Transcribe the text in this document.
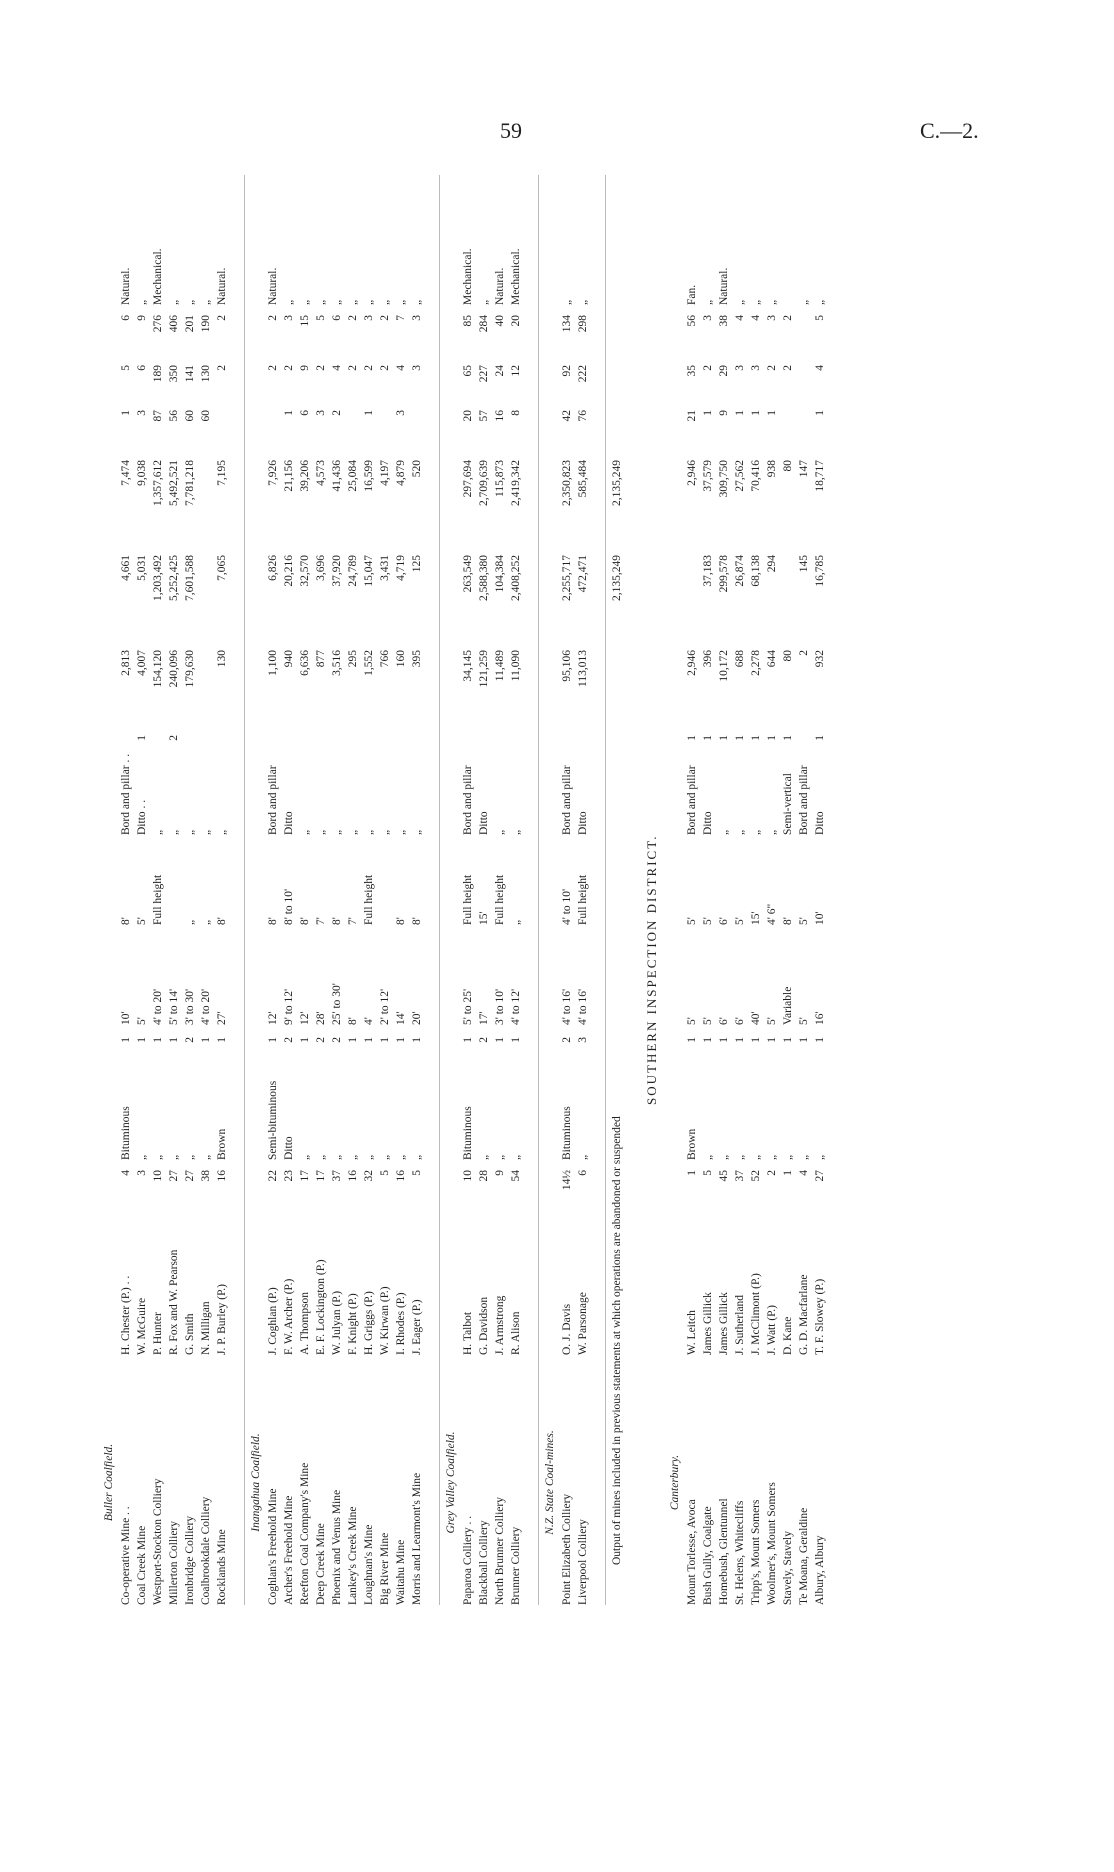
59	C.—2.
Buller Coalfield.
Co-operative Mine . .
H. Chester (P.) . .
4
Bituminous
1
10'
8'
Bord and pillar . .
2,813
4,661
7,474
1
5
6
Natural.
Coal Creek Mine
W. McGuire
3
„
1
5'
5'
Ditto . .
1
4,007
5,031
9,038
3
6
9
„
Westport-Stockton Colliery
P. Hunter
10
„
1
4' to 20'
Full height
„
154,120
1,203,492
1,357,612
87
189
276
Mechanical.
Millerton Colliery
R. Fox and W. Pearson
27
„
1
5' to 14'
„
2
240,096
5,252,425
5,492,521
56
350
406
„
Ironbridge Colliery
G. Smith
27
„
2
3' to 30'
„
„
179,630
7,601,588
7,781,218
60
141
201
„
Coalbrookdale Colliery
N. Milligan
38
„
1
4' to 20'
„
„
60
130
190
„
Rocklands Mine
J. P. Burley (P.)
16
Brown
1
27'
8'
„
130
7,065
7,195
2
2
Natural.
Inangahua Coalfield.
Coghlan's Freehold Mine
J. Coghlan (P.)
22
Semi-bituminous
1
12'
8'
Bord and pillar
1,100
6,826
7,926
2
2
Natural.
Archer's Freehold Mine
F. W. Archer (P.)
23
Ditto
2
9' to 12'
8' to 10'
Ditto
940
20,216
21,156
1
2
3
„
Reefton Coal Company's Mine
A. Thompson
17
„
1
12'
8'
„
6,636
32,570
39,206
6
9
15
„
Deep Creek Mine
E. F. Lockington (P.)
17
„
2
28'
7'
„
877
3,696
4,573
3
2
5
„
Phoenix and Venus Mine
W. Julyan (P.)
37
„
2
25' to 30'
8'
„
3,516
37,920
41,436
2
4
6
„
Lankey's Creek Mine
F. Knight (P.)
16
„
1
8'
7'
„
295
24,789
25,084
2
2
„
Loughnan's Mine
H. Griggs (P.)
32
„
1
4'
Full height
„
1,552
15,047
16,599
1
2
3
„
Big River Mine
W. Kirwan (P.)
5
„
1
2' to 12'
„
766
3,431
4,197
2
2
„
Waitahu Mine
I. Rhodes (P.)
16
„
1
14'
8'
„
160
4,719
4,879
3
4
7
„
Morris and Learmont's Mine
J. Eager (P.)
5
„
1
20'
8'
„
395
125
520
3
3
„
Grey Valley Coalfield.
Paparoa Colliery . .
H. Talbot
10
Bituminous
1
5' to 25'
Full height
Bord and pillar
34,145
263,549
297,694
20
65
85
Mechanical.
Blackball Colliery
G. Davidson
28
„
2
17'
15'
Ditto
121,259
2,588,380
2,709,639
57
227
284
„
North Brunner Colliery
J. Armstrong
9
„
1
3' to 10'
Full height
„
11,489
104,384
115,873
16
24
40
Natural.
Brunner Colliery
R. Alison
54
„
1
4' to 12'
„
„
11,090
2,408,252
2,419,342
8
12
20
Mechanical.
N.Z. State Coal-mines.
Point Elizabeth Colliery
O. J. Davis
14½
Bituminous
2
4' to 16'
4' to 10'
Bord and pillar
95,106
2,255,717
2,350,823
42
92
134
„
Liverpool Colliery
W. Parsonage
6
„
3
4' to 16'
Full height
Ditto
113,013
472,471
585,484
76
222
298
„
Output of mines included in previous statements at which operations are abandoned or suspended
2,135,249
2,135,249
SOUTHERN INSPECTION DISTRICT.
Canterbury.
Mount Torlesse, Avoca
W. Leitch
1
Brown
1
5'
5'
Bord and pillar
1
2,946
2,946
21
35
56
Fan.
Bush Gully, Coalgate
James Gillick
5
„
1
5'
5'
Ditto
1
396
37,183
37,579
1
2
3
„
Homebush, Glentunnel
James Gillick
45
„
1
6'
6'
„
1
10,172
299,578
309,750
9
29
38
Natural.
St. Helens, Whitecliffs
J. Sutherland
37
„
1
6'
5'
„
1
688
26,874
27,562
1
3
4
„
Tripp's, Mount Somers
J. McClimont (P.)
52
„
1
40'
15'
„
1
2,278
68,138
70,416
1
3
4
„
Woolmer's, Mount Somers
J. Watt (P.)
2
„
1
5'
4' 6"
„
1
644
294
938
1
2
3
„
Stavely, Stavely
D. Kane
1
„
1
Variable
8'
Semi-vertical
1
80
80
2
2
Te Moana, Geraldine
G. D. Macfarlane
4
„
1
5'
5'
Bord and pillar
2
145
147
„
Albury, Albury
T. F. Slowey (P.)
27
„
1
16'
10'
Ditto
1
932
16,785
18,717
1
4
5
„
